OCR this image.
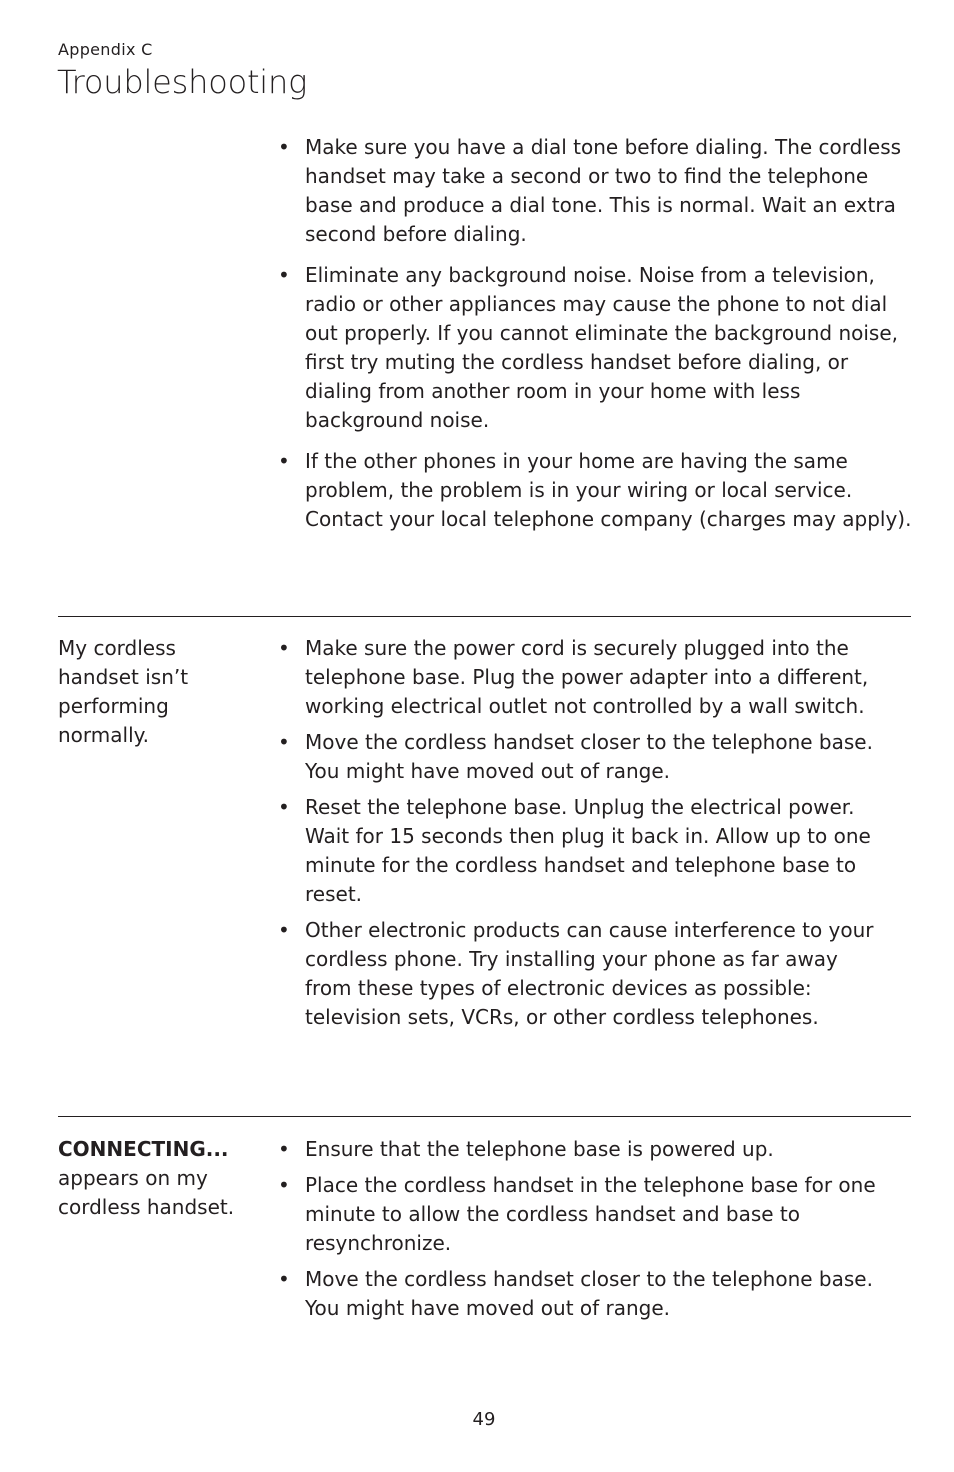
Appendix C
Troubleshooting
• Make sure you have a dial tone before dialing. The cordless handset may take a second or two to find the telephone base and produce a dial tone. This is normal. Wait an extra second before dialing.
• Eliminate any background noise. Noise from a television, radio or other appliances may cause the phone to not dial out properly. If you cannot eliminate the background noise, first try muting the cordless handset before dialing, or dialing from another room in your home with less background noise.
• If the other phones in your home are having the same problem, the problem is in your wiring or local service. Contact your local telephone company (charges may apply).
My cordless handset isn’t performing normally.
• Make sure the power cord is securely plugged into the telephone base. Plug the power adapter into a different, working electrical outlet not controlled by a wall switch.
• Move the cordless handset closer to the telephone base. You might have moved out of range.
• Reset the telephone base. Unplug the electrical power. Wait for 15 seconds then plug it back in. Allow up to one minute for the cordless handset and telephone base to reset.
• Other electronic products can cause interference to your cordless phone. Try installing your phone as far away from these types of electronic devices as possible: television sets, VCRs, or other cordless telephones.
CONNECTING... appears on my cordless handset.
• Ensure that the telephone base is powered up.
• Place the cordless handset in the telephone base for one minute to allow the cordless handset and base to resynchronize.
• Move the cordless handset closer to the telephone base. You might have moved out of range.
49
